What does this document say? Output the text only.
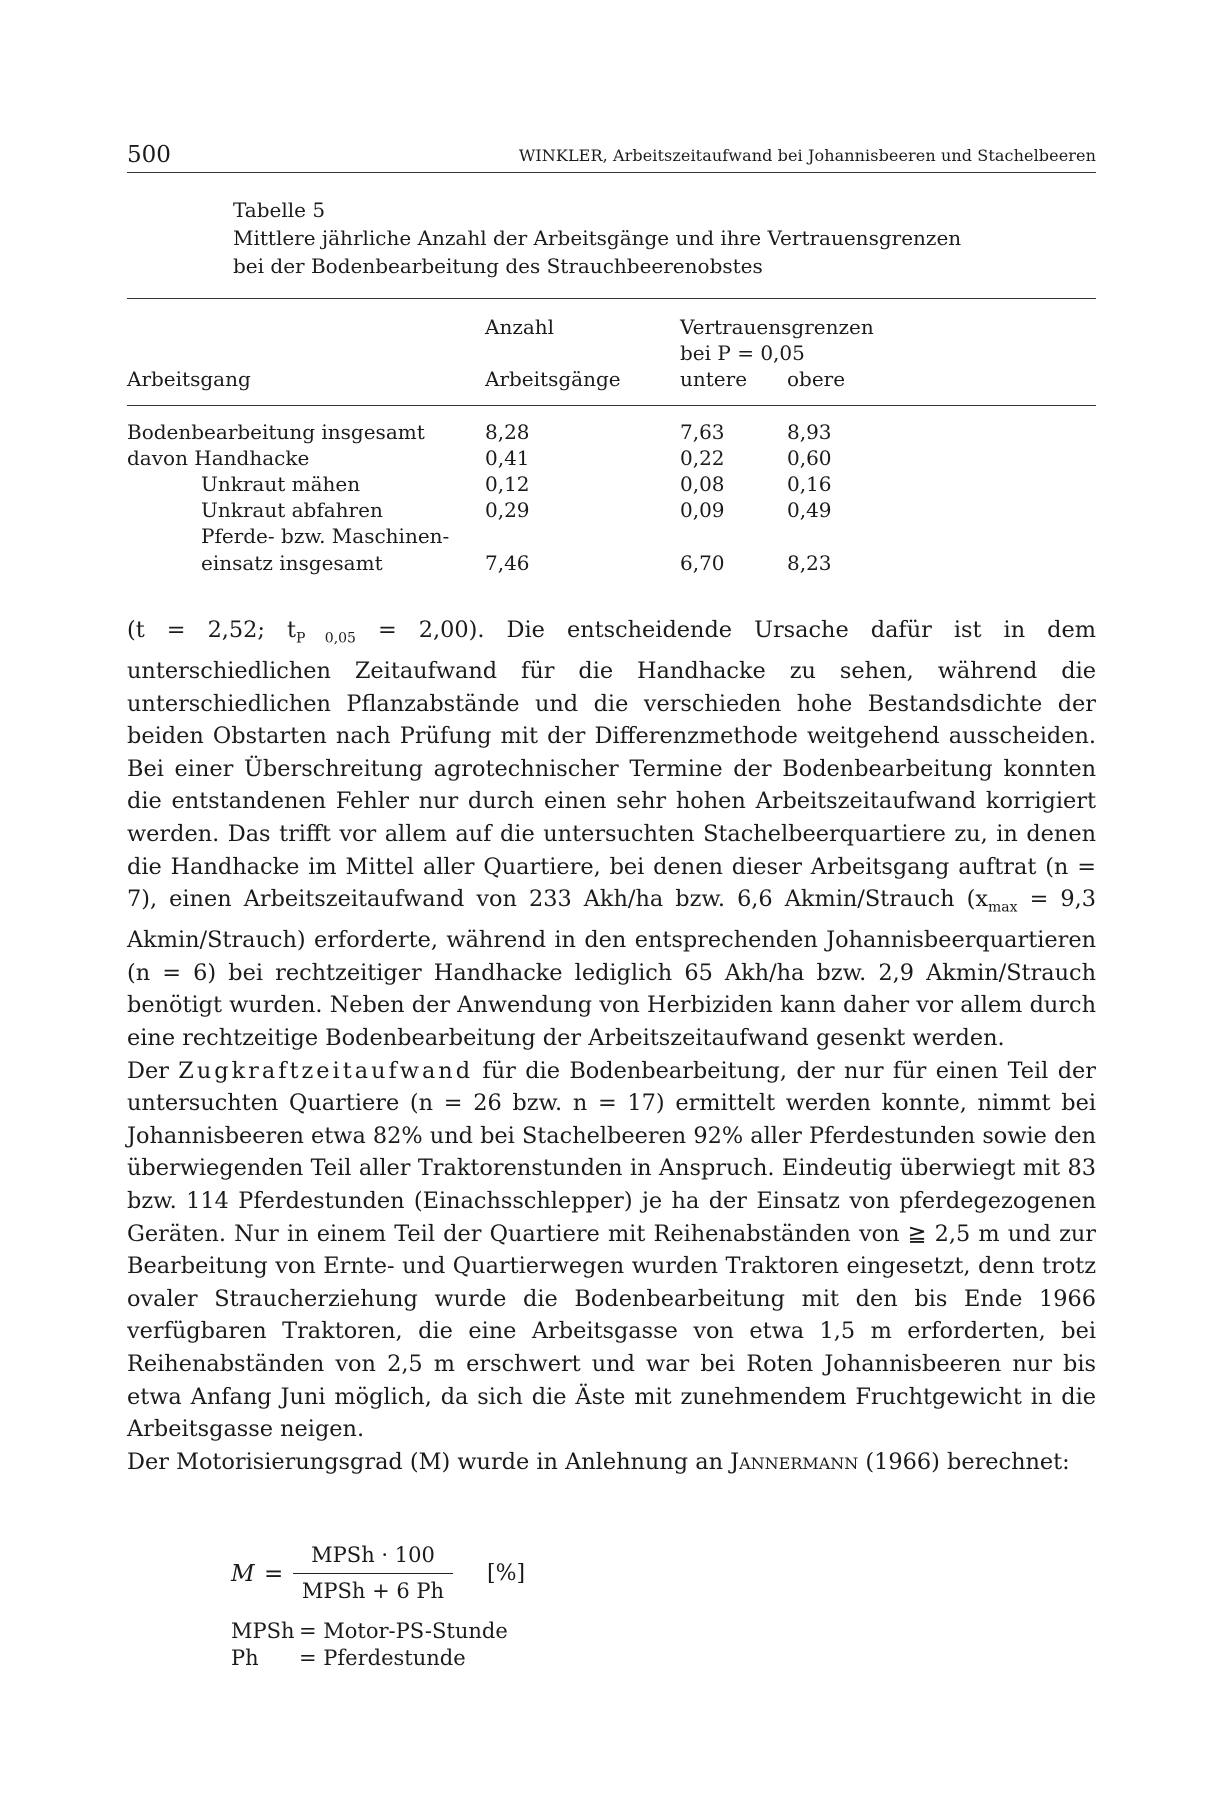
500	WINKLER, Arbeitszeitaufwand bei Johannisbeeren und Stachelbeeren
Tabelle 5
Mittlere jährliche Anzahl der Arbeitsgänge und ihre Vertrauensgrenzen bei der Bodenbearbeitung des Strauchbeerenobstes
Anzahl	Vertrauensgrenzen
bei P = 0,05
Arbeitsgang	Arbeitsgänge	untere obere
Bodenbearbeitung insgesamt	8,28	7,63	8,93
davon Handhacke	0,41	0,22	0,60
Unkraut mähen	0,12	0,08	0,16
Unkraut abfahren	0,29	0,09	0,49
Pferde- bzw. Maschinen-
einsatz insgesamt	7,46	6,70	8,23

(t = 2,52; $t_{P 0,05} = 2,00$). Die entscheidende Ursache dafür ist in dem unterschiedlichen Zeitaufwand für die Handhacke zu sehen, während die unterschiedlichen Pflanzabstände und die verschieden hohe Bestandsdichte der beiden Obstarten nach Prüfung mit der Differenzmethode weitgehend ausscheiden. Bei einer Überschreitung agrotechnischer Termine der Bodenbearbeitung konnten die entstandenen Fehler nur durch einen sehr hohen Arbeitszeitaufwand korrigiert werden. Das trifft vor allem auf die untersuchten Stachelbeerquartiere zu, in denen die Handhacke im Mittel aller Quartiere, bei denen dieser Arbeitsgang auftrat (n = 7), einen Arbeitszeitaufwand von 233 Akh/ha bzw. 6,6 Akmin/Strauch ($x_{max} = 9,3$ Akmin/Strauch) erforderte, während in den entsprechenden Johannisbeerquartieren (n = 6) bei rechtzeitiger Handhacke lediglich 65 Akh/ha bzw. 2,9 Akmin/Strauch benötigt wurden. Neben der Anwendung von Herbiziden kann daher vor allem durch eine rechtzeitige Bodenbearbeitung der Arbeitszeitaufwand gesenkt werden.

Der Zugkraftzeitaufwand für die Bodenbearbeitung, der nur für einen Teil der untersuchten Quartiere (n = 26 bzw. n = 17) ermittelt werden konnte, nimmt bei Johannisbeeren etwa 82% und bei Stachelbeeren 92% aller Pferdestunden sowie den überwiegenden Teil aller Traktorenstunden in Anspruch. Eindeutig überwiegt mit 83 bzw. 114 Pferdestunden (Einachsschlepper) je ha der Einsatz von pferdegezogenen Geräten. Nur in einem Teil der Quartiere mit Reihenabständen von ≧ 2,5 m und zur Bearbeitung von Ernte- und Quartierwegen wurden Traktoren eingesetzt, denn trotz ovaler Straucherziehung wurde die Bodenbearbeitung mit den bis Ende 1966 verfügbaren Traktoren, die eine Arbeitsgasse von etwa 1,5 m erforderten, bei Reihenabständen von 2,5 m erschwert und war bei Roten Johannisbeeren nur bis etwa Anfang Juni möglich, da sich die Äste mit zunehmendem Fruchtgewicht in die Arbeitsgasse neigen.

Der Motorisierungsgrad (M) wurde in Anlehnung an Jannermann (1966) berechnet:

M =
MPSh · 100
MPSh + 6 Ph
[%]
MPSh = Motor-PS-Stunde
Ph = Pferdestunde
